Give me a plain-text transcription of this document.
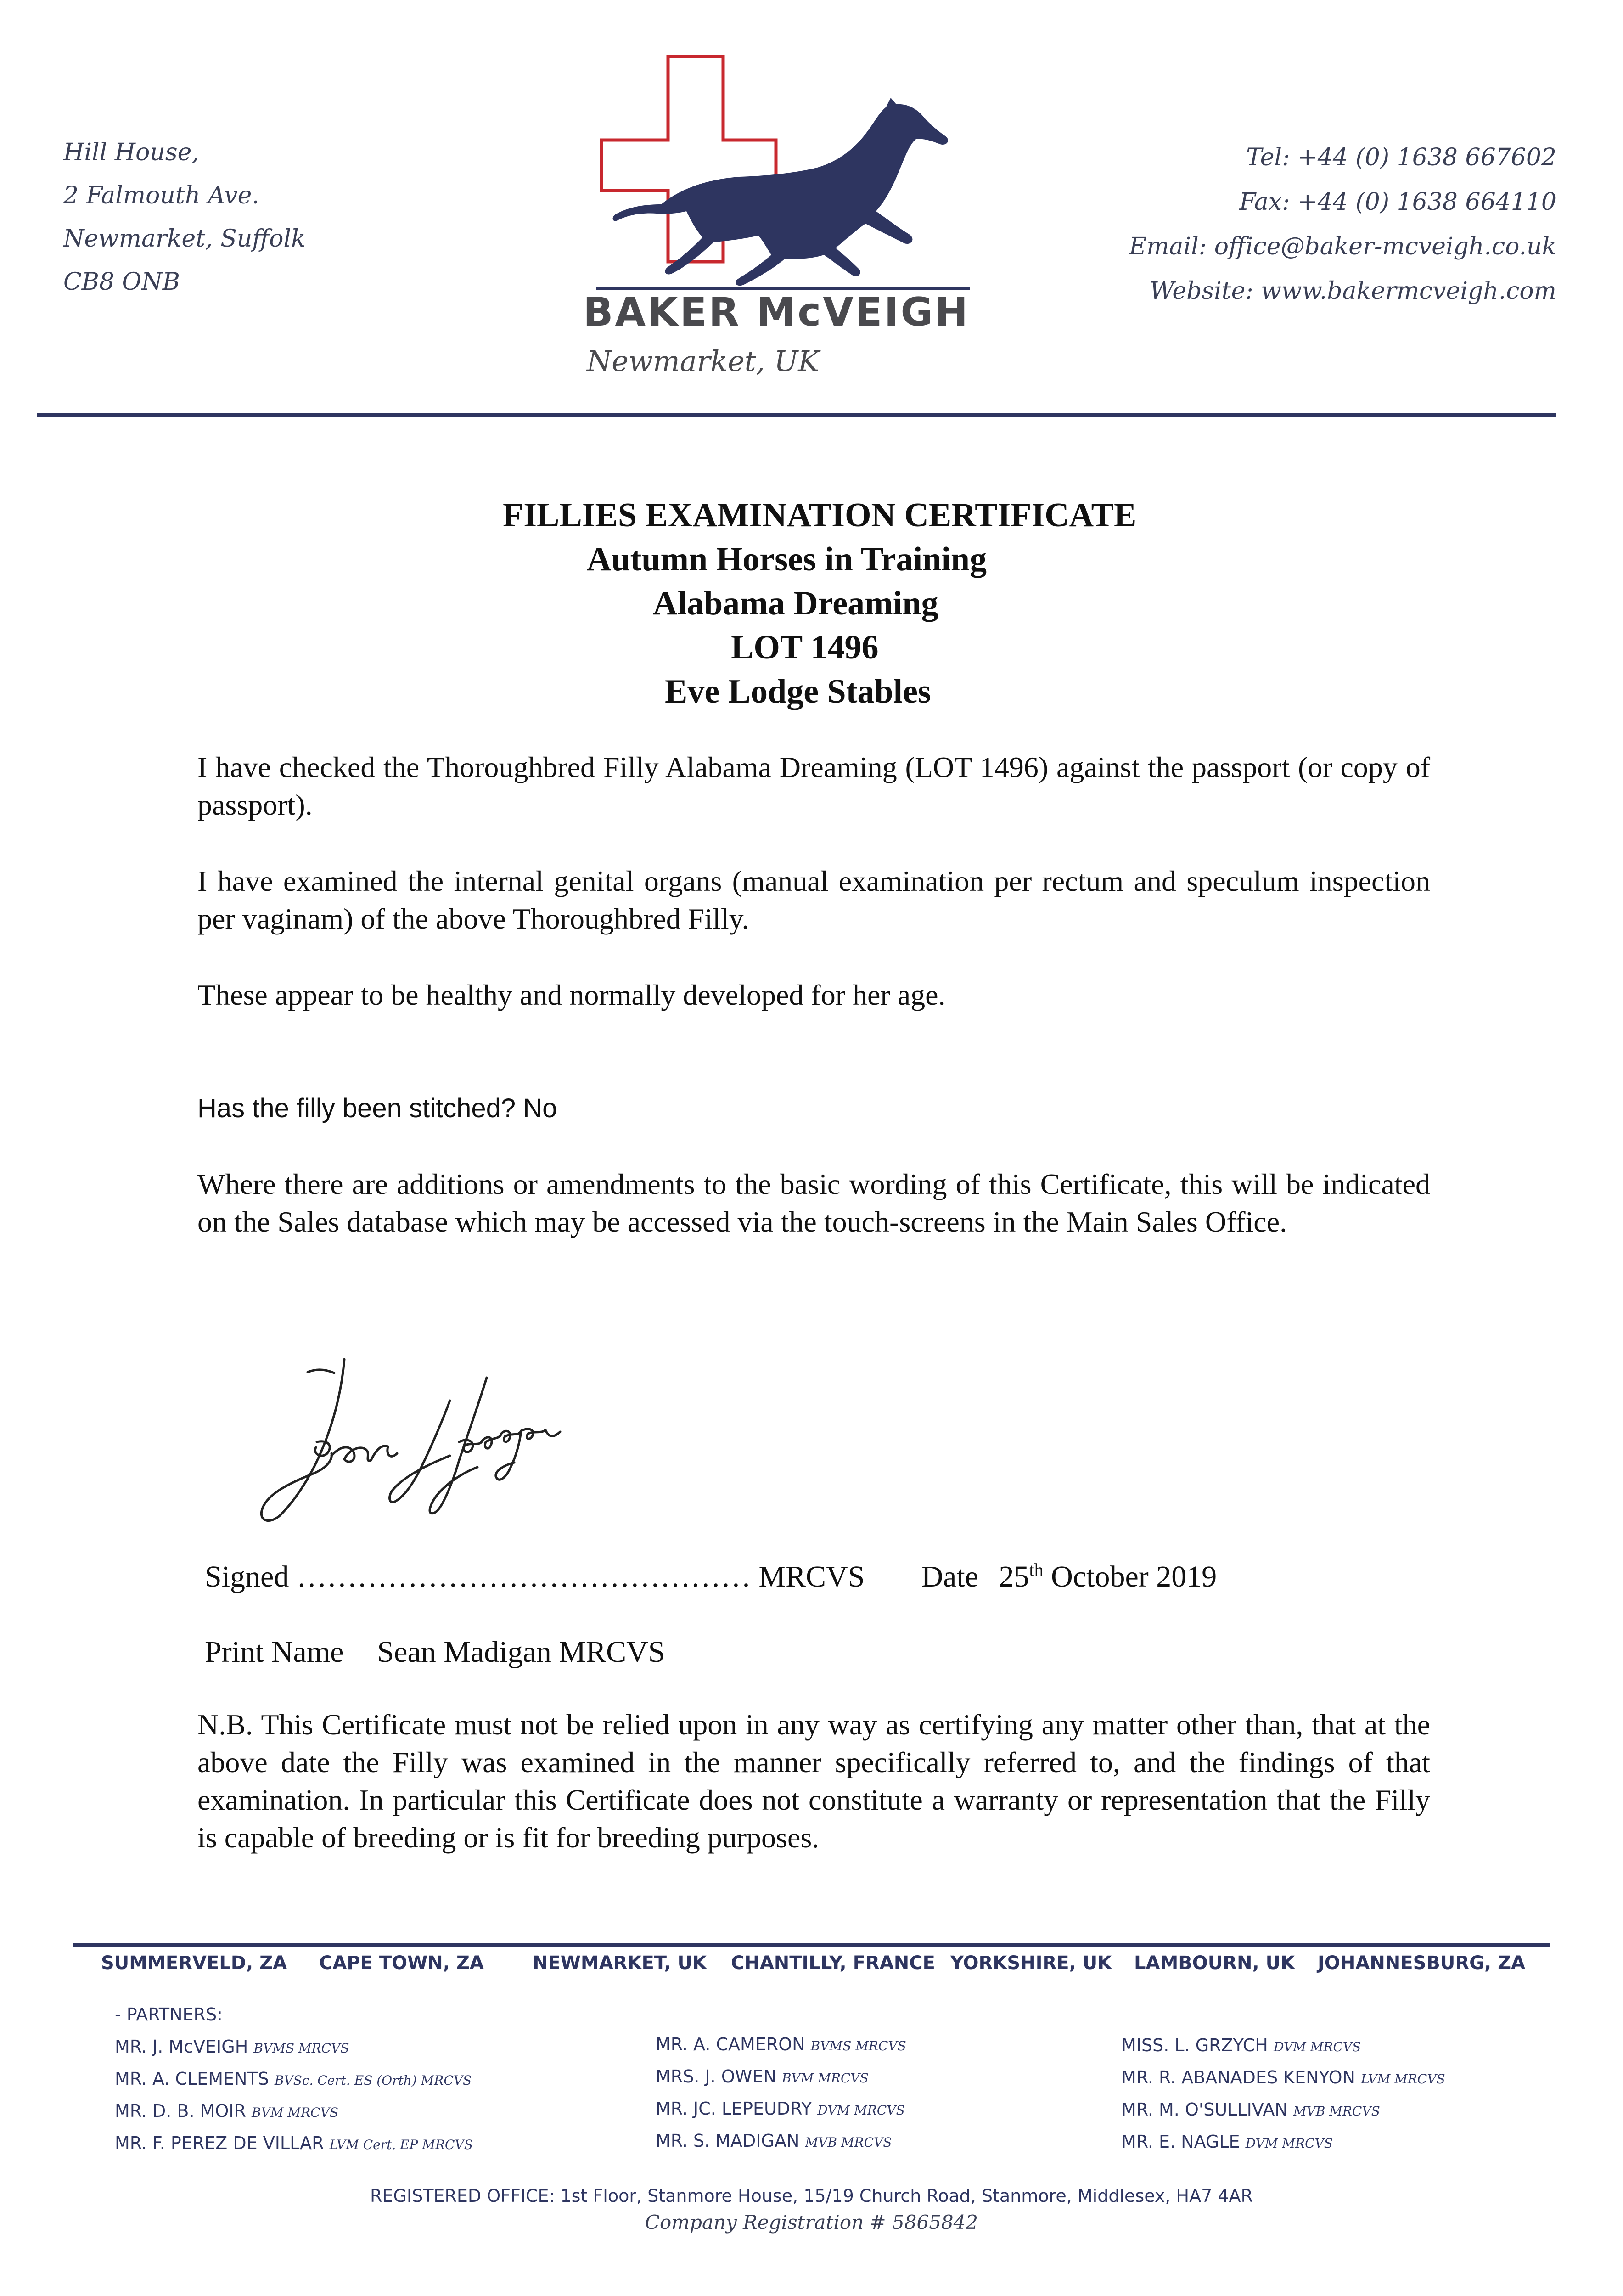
Hill House,
2 Falmouth Ave.
Newmarket, Suffolk
CB8 ONB
BAKER McVEIGH
Newmarket, UK
Tel: +44 (0) 1638 667602
Fax: +44 (0) 1638 664110
Email: office@baker-mcveigh.co.uk
Website: www.bakermcveigh.com
FILLIES EXAMINATION CERTIFICATE
Autumn Horses in Training
Alabama Dreaming
LOT 1496
Eve Lodge Stables
I have checked the Thoroughbred Filly Alabama Dreaming (LOT 1496) against the passport (or copy of passport).
I have examined the internal genital organs (manual examination per rectum and speculum inspection per vaginam) of the above Thoroughbred Filly.
These appear to be healthy and normally developed for her age.
Has the filly been stitched? No
Where there are additions or amendments to the basic wording of this Certificate, this will be indicated on the Sales database which may be accessed via the touch-screens in the Main Sales Office.
Signed ……………………………………… MRCVS Date 25th October 2019
Print Name Sean Madigan MRCVS
N.B. This Certificate must not be relied upon in any way as certifying any matter other than, that at the above date the Filly was examined in the manner specifically referred to, and the findings of that examination. In particular this Certificate does not constitute a warranty or representation that the Filly is capable of breeding or is fit for breeding purposes.
SUMMERVELD, ZA CAPE TOWN, ZA	NEWMARKET, UK CHANTILLY, FRANCE YORKSHIRE, UK LAMBOURN, UK JOHANNESBURG, ZA
- PARTNERS:
MR. J. McVEIGH BVMS MRCVS
MR. A. CLEMENTS BVSc. Cert. ES (Orth) MRCVS
MR. D. B. MOIR BVM MRCVS
MR. F. PEREZ DE VILLAR LVM Cert. EP MRCVS
MR. A. CAMERON BVMS MRCVS
MRS. J. OWEN BVM MRCVS
MR. JC. LEPEUDRY DVM MRCVS
MR. S. MADIGAN MVB MRCVS
MISS. L. GRZYCH DVM MRCVS
MR. R. ABANADES KENYON LVM MRCVS
MR. M. O'SULLIVAN MVB MRCVS
MR. E. NAGLE DVM MRCVS
REGISTERED OFFICE: 1st Floor, Stanmore House, 15/19 Church Road, Stanmore, Middlesex, HA7 4AR
Company Registration # 5865842
